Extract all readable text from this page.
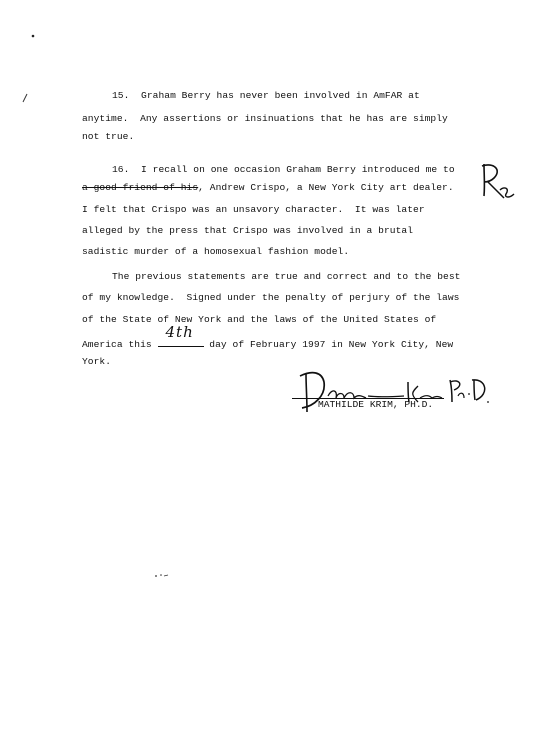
15.  Graham Berry has never been involved in AmFAR at
anytime.  Any assertions or insinuations that he has are simply
not true.
16.  I recall on one occasion Graham Berry introduced me to
a good friend of his, Andrew Crispo, a New York City art dealer.
I felt that Crispo was an unsavory character.  It was later
alleged by the press that Crispo was involved in a brutal
sadistic murder of a homosexual fashion model.
The previous statements are true and correct and to the best
of my knowledge.  Signed under the penalty of perjury of the laws
of the State of New York and the laws of the United States of
America this
4th
day of February 1997 in New York City, New
York.
MATHILDE KRIM, PH.D.
